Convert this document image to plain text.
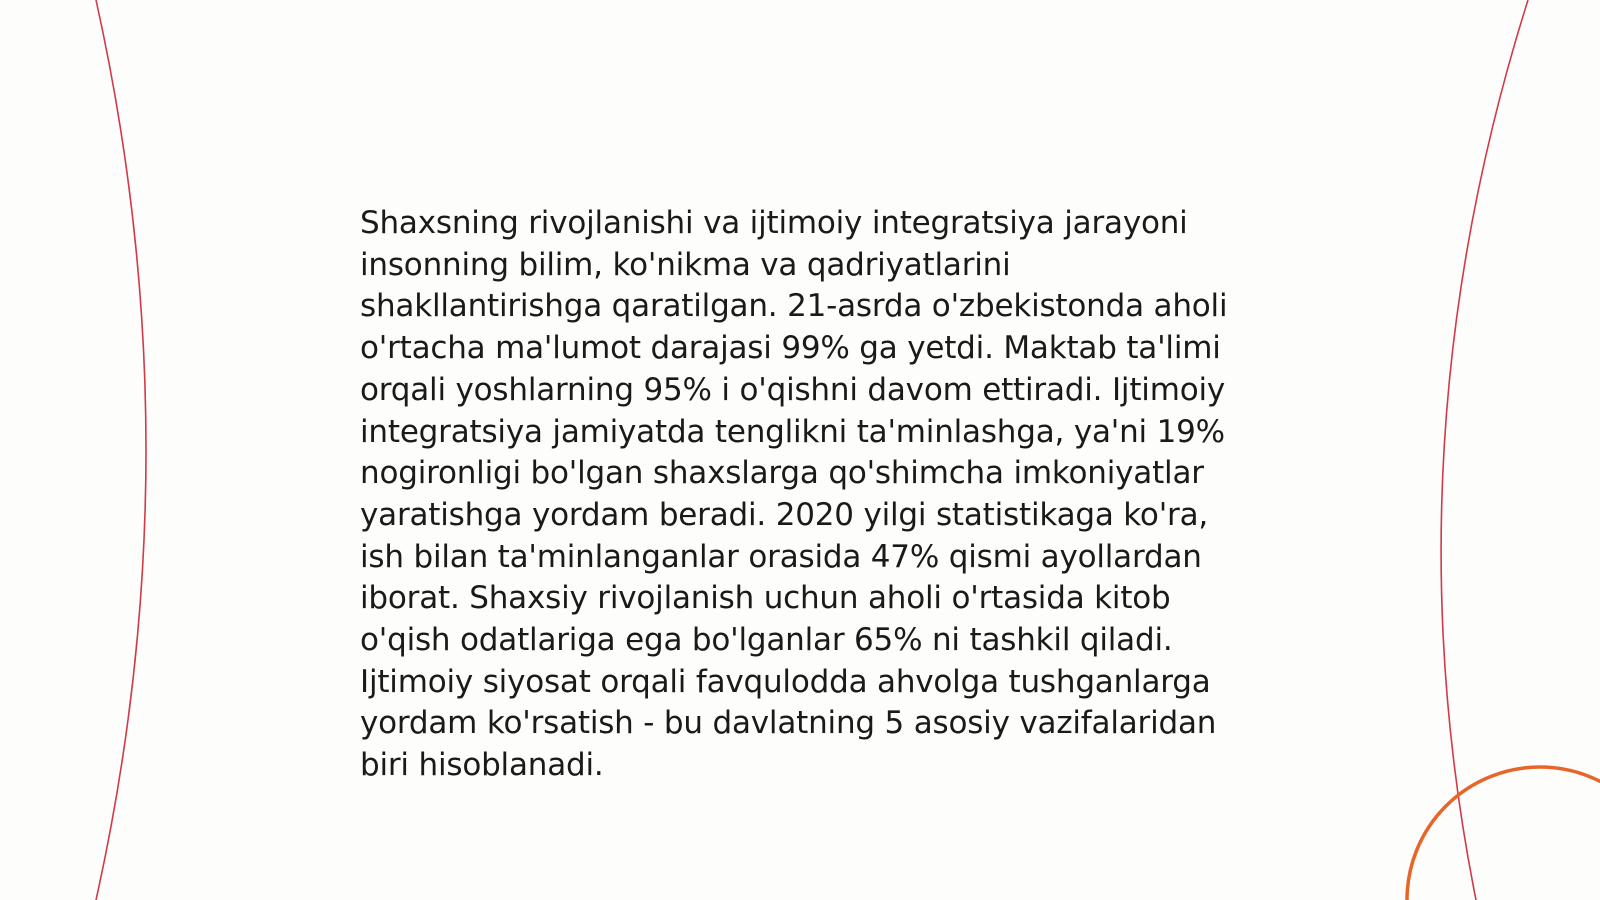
Shaxsning rivojlanishi va ijtimoiy integratsiya jarayoni insonning bilim, ko'nikma va qadriyatlarini shakllantirishga qaratilgan. 21-asrda o'zbekistonda aholi o'rtacha ma'lumot darajasi 99% ga yetdi. Maktab ta'limi orqali yoshlarning 95% i o'qishni davom ettiradi. Ijtimoiy integratsiya jamiyatda tenglikni ta'minlashga, ya'ni 19% nogironligi bo'lgan shaxslarga qo'shimcha imkoniyatlar yaratishga yordam beradi. 2020 yilgi statistikaga ko'ra, ish bilan ta'minlanganlar orasida 47% qismi ayollardan iborat. Shaxsiy rivojlanish uchun aholi o'rtasida kitob o'qish odatlariga ega bo'lganlar 65% ni tashkil qiladi. Ijtimoiy siyosat orqali favqulodda ahvolga tushganlarga yordam ko'rsatish - bu davlatning 5 asosiy vazifalaridan biri hisoblanadi.
